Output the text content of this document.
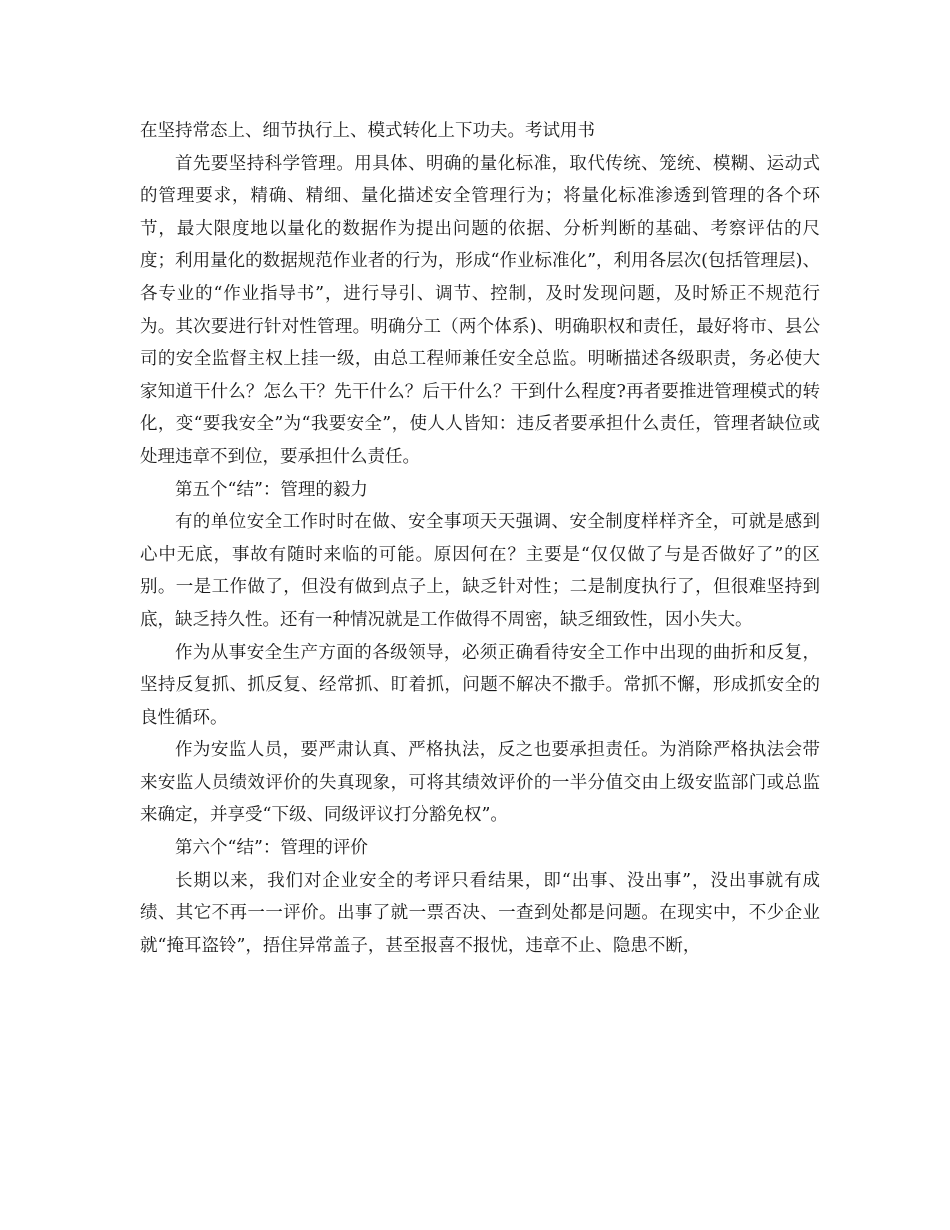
在坚持常态上、细节执行上、模式转化上下功夫。考试用书

首先要坚持科学管理。用具体、明确的量化标准，取代传统、笼统、模糊、运动式的管理要求，精确、精细、量化描述安全管理行为；将量化标准渗透到管理的各个环节，最大限度地以量化的数据作为提出问题的依据、分析判断的基础、考察评估的尺度；利用量化的数据规范作业者的行为，形成“作业标准化”，利用各层次(包括管理层)、各专业的“作业指导书”，进行导引、调节、控制，及时发现问题，及时矫正不规范行为。其次要进行针对性管理。明确分工（两个体系)、明确职权和责任，最好将市、县公司的安全监督主权上挂一级，由总工程师兼任安全总监。明晰描述各级职责，务必使大家知道干什么？怎么干？先干什么？后干什么？干到什么程度?再者要推进管理模式的转化，变“要我安全”为“我要安全”，使人人皆知：违反者要承担什么责任，管理者缺位或处理违章不到位，要承担什么责任。

第五个“结”：管理的毅力

有的单位安全工作时时在做、安全事项天天强调、安全制度样样齐全，可就是感到心中无底，事故有随时来临的可能。原因何在？主要是“仅仅做了与是否做好了”的区别。一是工作做了，但没有做到点子上，缺乏针对性；二是制度执行了，但很难坚持到底，缺乏持久性。还有一种情况就是工作做得不周密，缺乏细致性，因小失大。

作为从事安全生产方面的各级领导，必须正确看待安全工作中出现的曲折和反复，坚持反复抓、抓反复、经常抓、盯着抓，问题不解决不撒手。常抓不懈，形成抓安全的良性循环。

作为安监人员，要严肃认真、严格执法，反之也要承担责任。为消除严格执法会带来安监人员绩效评价的失真现象，可将其绩效评价的一半分值交由上级安监部门或总监来确定，并享受“下级、同级评议打分豁免权”。

第六个“结”：管理的评价

长期以来，我们对企业安全的考评只看结果，即“出事、没出事”，没出事就有成绩、其它不再一一评价。出事了就一票否决、一查到处都是问题。在现实中，不少企业就“掩耳盗铃”，捂住异常盖子，甚至报喜不报忧，违章不止、隐患不断，
